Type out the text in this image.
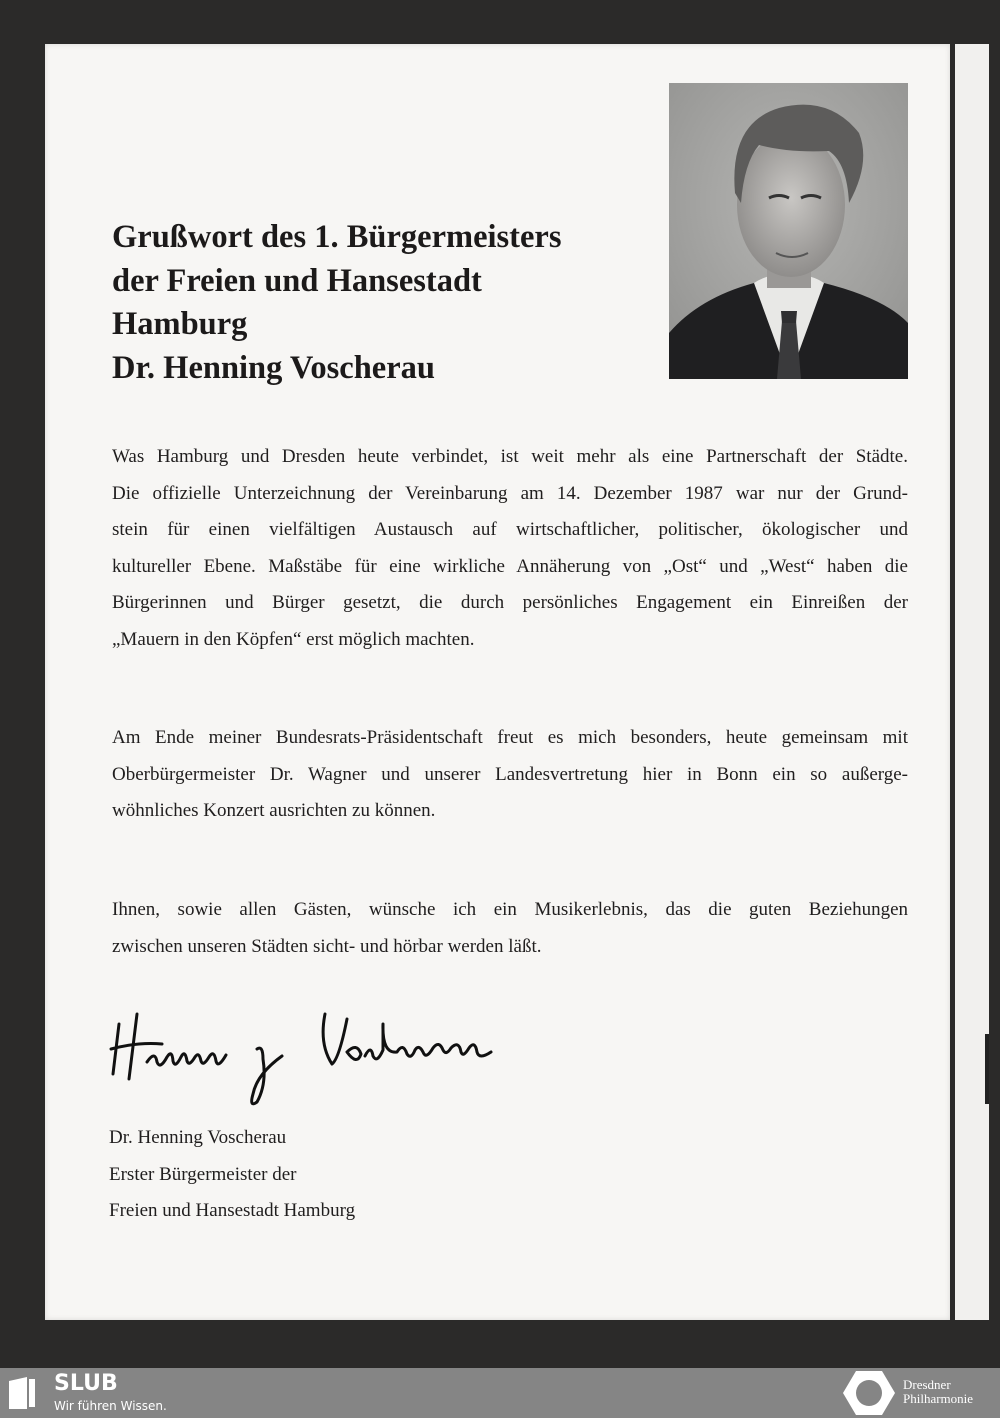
Grußwort des 1. Bürgermeisters
der Freien und Hansestadt
Hamburg
Dr. Henning Voscherau
Was Hamburg und Dresden heute verbindet, ist weit mehr als eine Partnerschaft der Städte.
Die offizielle Unterzeichnung der Vereinbarung am 14. Dezember 1987 war nur der Grund-
stein für einen vielfältigen Austausch auf wirtschaftlicher, politischer, ökologischer und
kultureller Ebene. Maßstäbe für eine wirkliche Annäherung von „Ost“ und „West“ haben die
Bürgerinnen und Bürger gesetzt, die durch persönliches Engagement ein Einreißen der
„Mauern in den Köpfen“ erst möglich machten.
Am Ende meiner Bundesrats-Präsidentschaft freut es mich besonders, heute gemeinsam mit
Oberbürgermeister Dr. Wagner und unserer Landesvertretung hier in Bonn ein so außerge-
wöhnliches Konzert ausrichten zu können.
Ihnen, sowie allen Gästen, wünsche ich ein Musikerlebnis, das die guten Beziehungen
zwischen unseren Städten sicht- und hörbar werden läßt.
Dr. Henning Voscherau
Erster Bürgermeister der
Freien und Hansestadt Hamburg
SLUB
Wir führen Wissen.
Dresdner
Philharmonie
